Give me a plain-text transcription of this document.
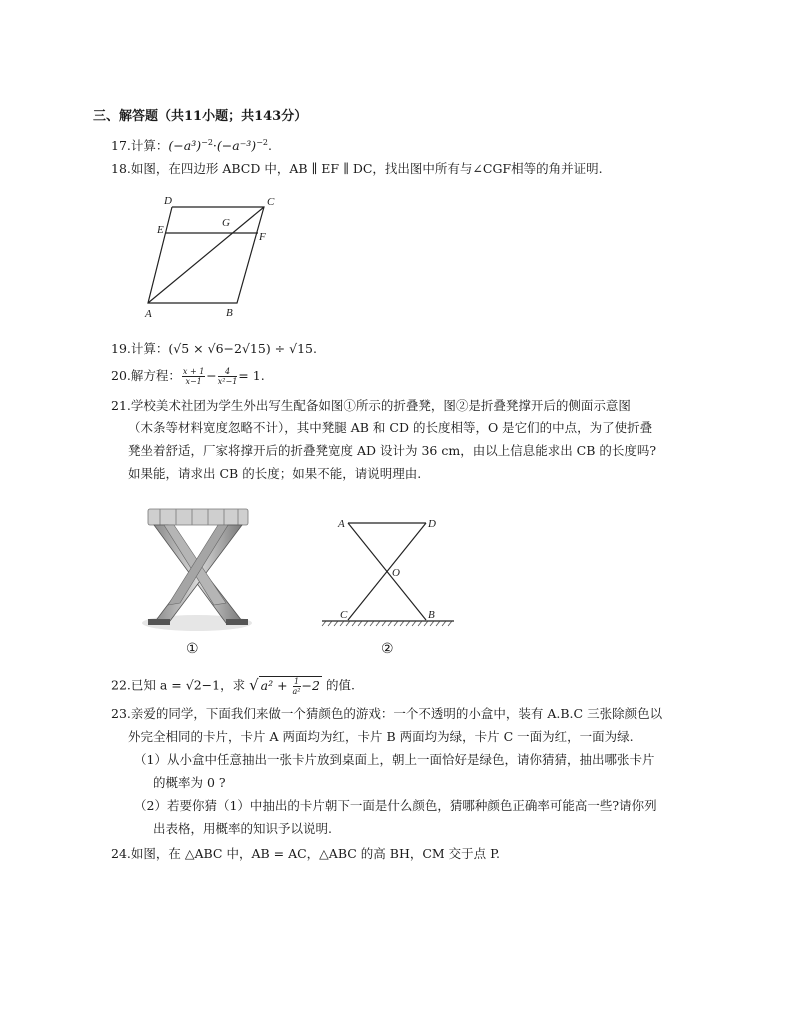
三、解答题（共11小题；共143分）
17.计算：$(-a^3)^{-2}\cdot(-a^{-3})^{-2}$.
18.如图，在四边形 ABCD 中，AB ∥ EF ∥ DC，找出图中所有与∠CGF相等的角并证明.
D	C
E
G
F
A	B
19.计算：(√5 × √6−2√15) ÷ √15.
20.解方程： $\frac{x + 1}{x-1} - \frac{4}{\text{x²−1}} = 1$.
21.学校美术社团为学生外出写生配备如图①所示的折叠凳，图②是折叠凳撑开后的侧面示意图
（木条等材料宽度忽略不计），其中凳腿 AB 和 CD 的长度相等，O 是它们的中点，为了使折叠
凳坐着舒适，厂家将撑开后的折叠凳宽度 AD 设计为 36 cm，由以上信息能求出 CB 的长度吗?
如果能，请求出 CB 的长度；如果不能，请说明理由.
①
A	D
O
C	B
②
22.已知 a = √2−1，求 √ $a^2 + \frac{1}{\text{a²}} -2$ 的值.
23.亲爱的同学，下面我们来做一个猜颜色的游戏：一个不透明的小盒中，装有 A.B.C 三张除颜色以
外完全相同的卡片，卡片 A 两面均为红，卡片 B 两面均为绿，卡片 C 一面为红，一面为绿.
（1）从小盒中任意抽出一张卡片放到桌面上，朝上一面恰好是绿色，请你猜猜，抽出哪张卡片
的概率为 0 ?
（2）若要你猜（1）中抽出的卡片朝下一面是什么颜色，猜哪种颜色正确率可能高一些?请你列
出表格，用概率的知识予以说明.
24.如图，在 △ABC 中，AB = AC，△ABC 的高 BH，CM 交于点 P.
